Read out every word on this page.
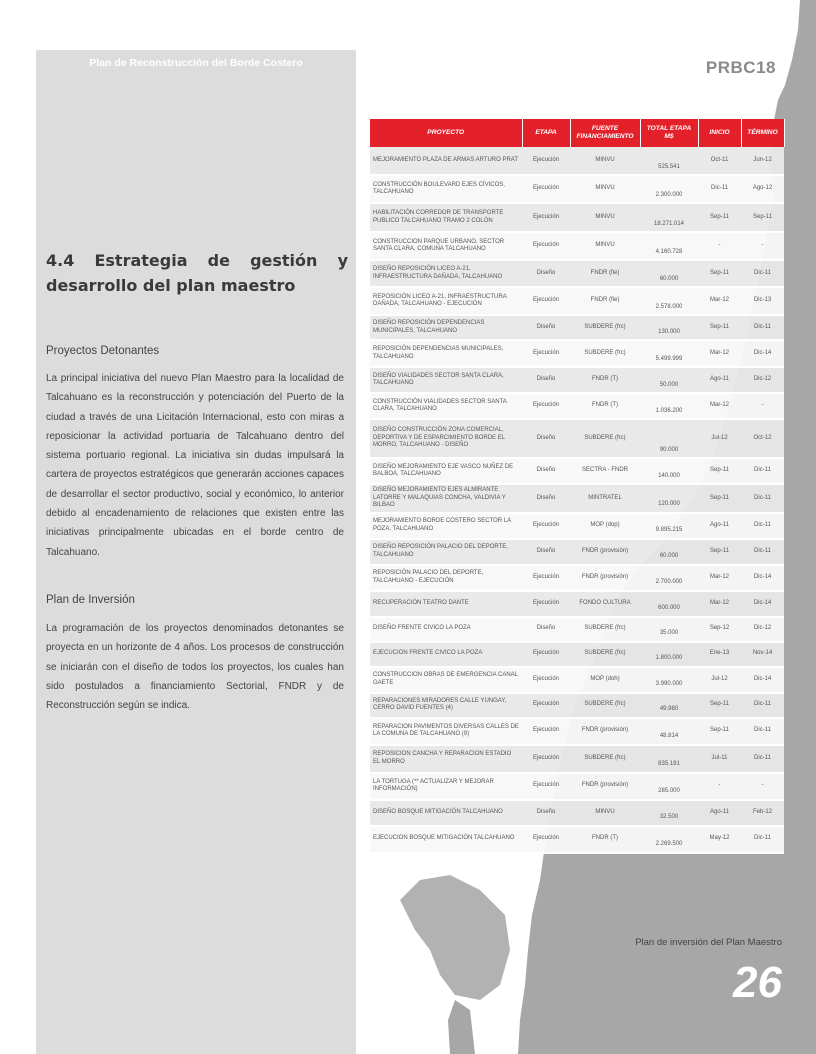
Plan de Reconstrucción del Borde Costero	PRBC18
4.4 Estrategia de gestión y
desarrollo del plan maestro
Proyectos Detonantes
La principal iniciativa del nuevo Plan Maestro para la localidad de Talcahuano es la reconstrucción y potenciación del Puerto de la ciudad a través de una Licitación Internacional, esto con miras a reposicionar la actividad portuaria de Talcahuano dentro del sistema portuario regional. La iniciativa sin dudas impulsará la cartera de proyectos estratégicos que generarán acciones capaces de desarrollar el sector productivo, social y económico, lo anterior debido al encadenamiento de relaciones que existen entre las iniciativas principalmente ubicadas en el borde centro de Talcahuano.
Plan de Inversión
La programación de los proyectos denominados detonantes se proyecta en un horizonte de 4 años. Los procesos de construcción se iniciarán con el diseño de todos los proyectos, los cuales han sido postulados a financiamiento Sectorial, FNDR y de Reconstrucción según se indica.
PROYECTO	ETAPA	FUENTE FINANCIAMIENTO	TOTAL ETAPA M$	INICIO	TÉRMINO
MEJORAMIENTO PLAZA DE ARMAS ARTURO PRAT	Ejecución	MINVU	525.541	Oct-11	Jun-12
CONSTRUCCIÓN BOULEVARD EJES CÍVICOS, TALCAHUANO	Ejecución	MINVU	2.300.000	Dic-11	Ago-12
HABILITACIÓN CORREDOR DE TRANSPORTE PUBLICO TALCAHUANO TRAMO 2 COLÓN	Ejecución	MINVU	18.271.014	Sep-11	Sep-11
CONSTRUCCION PARQUE URBANO, SECTOR SANTA CLARA, COMUNA TALCAHUANO	Ejecución	MINVU	4.160.728	-	-
DISEÑO REPOSICIÓN LICEO A-21, INFRAESTRUCTURA DAÑADA, TALCAHUANO	Diseño	FNDR (fie)	60.000	Sep-11	Dic-11
REPOSICIÓN LICEO A-21, INFRAESTRUCTURA DAÑADA, TALCAHUANO - EJECUCIÓN	Ejecución	FNDR (fie)	2.578.000	Mar-12	Dic-13
DISEÑO REPOSICIÓN DEPENDENCIAS MUNICIPALES, TALCAHUANO	Diseño	SUBDERE (frc)	130.000	Sep-11	Dic-11
REPOSICIÓN DEPENDENCIAS MUNICIPALES, TALCAHUANO	Ejecución	SUBDERE (frc)	5.499.999	Mar-12	Dic-14
DISEÑO VIALIDADES SECTOR SANTA CLARA, TALCAHUANO	Diseño	FNDR (T)	50.000	Ago-11	Dic-12
CONSTRUCCIÓN VIALIDADES SECTOR SANTA CLARA, TALCAHUANO	Ejecución	FNDR (T)	1.036.200	Mar-12	-
DISEÑO CONSTRUCCIÓN ZONA COMERCIAL, DEPORTIVA Y DE ESPARCIMIENTO BORDE EL MORRO, TALCAHUANO - DISEÑO	Diseño	SUBDERE (frc)	90.000	Jul-12	Oct-12
DISEÑO MEJORAMIENTO EJE VASCO NUÑEZ DE BALBOA, TALCAHUANO	Diseño	SECTRA - FNDR	140.000	Sep-11	Dic-11
DISEÑO MEJORAMIENTO EJES ALMIRANTE LATORRE Y MALAQUIAS CONCHA, VALDIVIA Y BILBAO	Diseño	MINTRATEL	120.000	Sep-11	Dic-11
MEJORAMIENTO BORDE COSTERO SECTOR LA POZA, TALCAHUANO	Ejecución	MOP (dop)	9.895.215	Ago-11	Dic-11
DISEÑO REPOSICIÓN PALACIO DEL DEPORTE, TALCAHUANO	Diseño	FNDR (provisión)	60.000	Sep-11	Dic-11
REPOSICIÓN PALACIO DEL DEPORTE, TALCAHUANO - EJECUCIÓN	Ejecución	FNDR (provisión)	2.700.000	Mar-12	Dic-14
RECUPERACIÓN TEATRO DANTE	Ejecución	FONDO CULTURA	600.000	Mar-12	Dic-14
DISEÑO FRENTE CIVICO LA POZA	Diseño	SUBDERE (frc)	35.000	Sep-12	Dic-12
EJECUCION FRENTE CIVICO LA POZA	Ejecución	SUBDERE (frc)	1.800.000	Ene-13	Nov-14
CONSTRUCCION OBRAS DE EMERGENCIA CANAL GAETE	Ejecución	MOP (doh)	3.990.000	Jul-12	Dic-14
REPARACIONES MIRADORES CALLE YUNGAY, CERRO DAVID FUENTES (4)	Ejecución	SUBDERE (frc)	49.980	Sep-11	Dic-11
REPARACION PAVIMENTOS DIVERSAS CALLES DE LA COMUNA DE TALCAHUANO (9)	Ejecución	FNDR (provisión)	48.814	Sep-11	Dic-11
REPOSICION CANCHA Y REPARACION ESTADIO EL MORRO	Ejecución	SUBDERE (frc)	835.191	Jul-11	Dic-11
LA TORTUGA (** ACTUALIZAR Y MEJORAR INFORMACIÓN)	Ejecución	FNDR (provisión)	285.000	-	-
DISEÑO BOSQUE MITIGACIÓN TALCAHUANO	Diseño	MINVU	32.500	Ago-11	Feb-12
EJECUCION BOSQUE MITIGACIÓN TALCAHUANO	Ejecución	FNDR (T)	2.269.500	May-12	Dic-11
Plan de inversión del Plan Maestro
26
